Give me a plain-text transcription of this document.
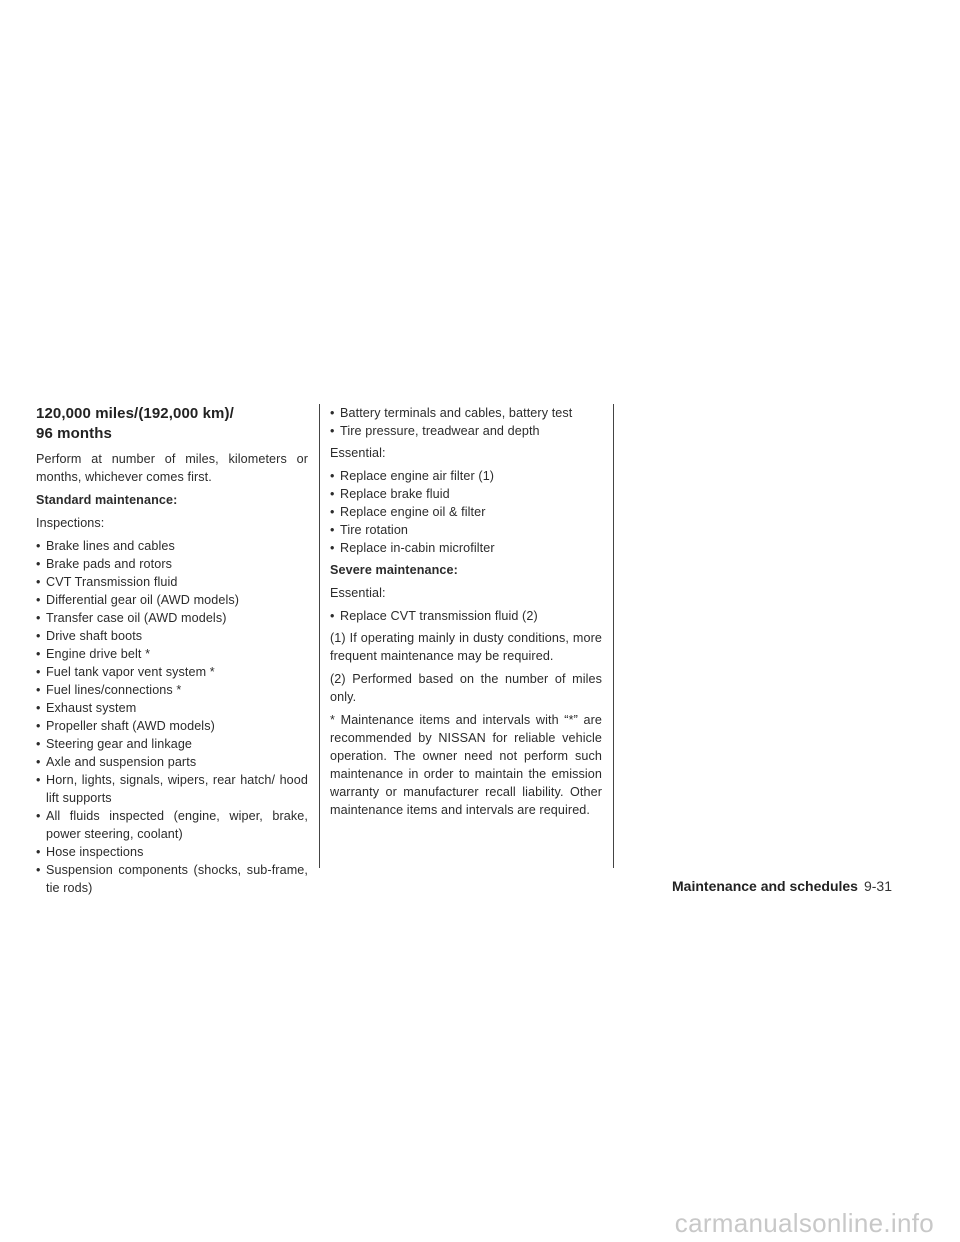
120,000 miles/(192,000 km)/
96 months

Perform at number of miles, kilometers or months, whichever comes first.

Standard maintenance:

Inspections:

• Brake lines and cables
• Brake pads and rotors
• CVT Transmission fluid
• Differential gear oil (AWD models)
• Transfer case oil (AWD models)
• Drive shaft boots
• Engine drive belt *
• Fuel tank vapor vent system *
• Fuel lines/connections *
• Exhaust system
• Propeller shaft (AWD models)
• Steering gear and linkage
• Axle and suspension parts
• Horn, lights, signals, wipers, rear hatch/ hood lift supports
• All fluids inspected (engine, wiper, brake, power steering, coolant)
• Hose inspections
• Suspension components (shocks, sub-frame, tie rods)
• Battery terminals and cables, battery test
• Tire pressure, treadwear and depth

Essential:

• Replace engine air filter (1)
• Replace brake fluid
• Replace engine oil & filter
• Tire rotation
• Replace in-cabin microfilter
Severe maintenance:

Essential:

• Replace CVT transmission fluid (2)

(1) If operating mainly in dusty conditions, more frequent maintenance may be required.

(2) Performed based on the number of miles only.

* Maintenance items and intervals with “*” are recommended by NISSAN for reliable vehicle operation. The owner need not perform such maintenance in order to maintain the emission warranty or manufacturer recall liability. Other maintenance items and intervals are required.

Maintenance and schedules 9-31
carmanualsonline.info
